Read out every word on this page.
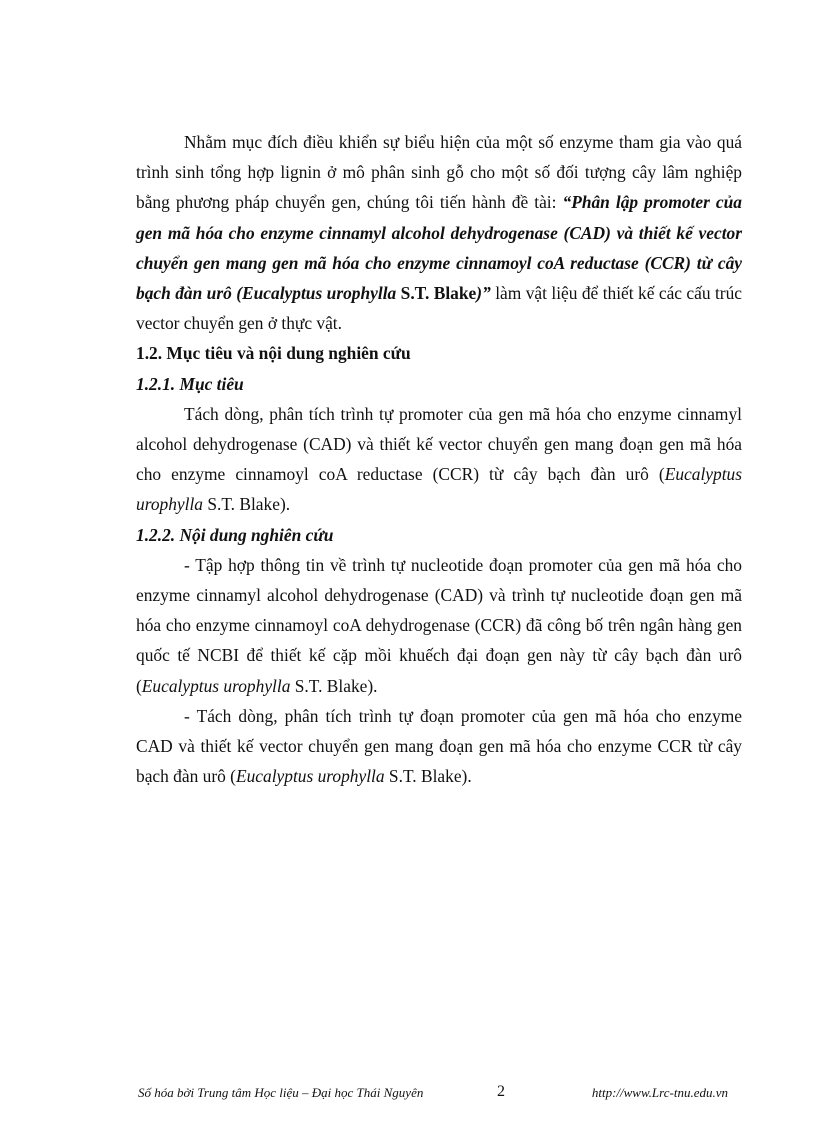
Nhằm mục đích điều khiển sự biểu hiện của một số enzyme tham gia vào quá trình sinh tổng hợp lignin ở mô phân sinh gỗ cho một số đối tượng cây lâm nghiệp bằng phương pháp chuyển gen, chúng tôi tiến hành đề tài: “Phân lập promoter của gen mã hóa cho enzyme cinnamyl alcohol dehydrogenase (CAD) và thiết kế vector chuyển gen mang gen mã hóa cho enzyme cinnamoyl coA reductase (CCR) từ cây bạch đàn urô (Eucalyptus urophylla S.T. Blake)” làm vật liệu để thiết kế các cấu trúc vector chuyển gen ở thực vật.

1.2. Mục tiêu và nội dung nghiên cứu

1.2.1. Mục tiêu

Tách dòng, phân tích trình tự promoter của gen mã hóa cho enzyme cinnamyl alcohol dehydrogenase (CAD) và thiết kế vector chuyển gen mang đoạn gen mã hóa cho enzyme cinnamoyl coA reductase (CCR) từ cây bạch đàn urô (Eucalyptus urophylla S.T. Blake).

1.2.2. Nội dung nghiên cứu

- Tập hợp thông tin về trình tự nucleotide đoạn promoter của gen mã hóa cho enzyme cinnamyl alcohol dehydrogenase (CAD) và trình tự nucleotide đoạn gen mã hóa cho enzyme cinnamoyl coA dehydrogenase (CCR) đã công bố trên ngân hàng gen quốc tế NCBI để thiết kế cặp mồi khuếch đại đoạn gen này từ cây bạch đàn urô (Eucalyptus urophylla S.T. Blake).

- Tách dòng, phân tích trình tự đoạn promoter của gen mã hóa cho enzyme CAD và thiết kế vector chuyển gen mang đoạn gen mã hóa cho enzyme CCR từ cây bạch đàn urô (Eucalyptus urophylla S.T. Blake).

Số hóa bởi Trung tâm Học liệu – Đại học Thái Nguyên	2	http://www.Lrc-tnu.edu.vn
